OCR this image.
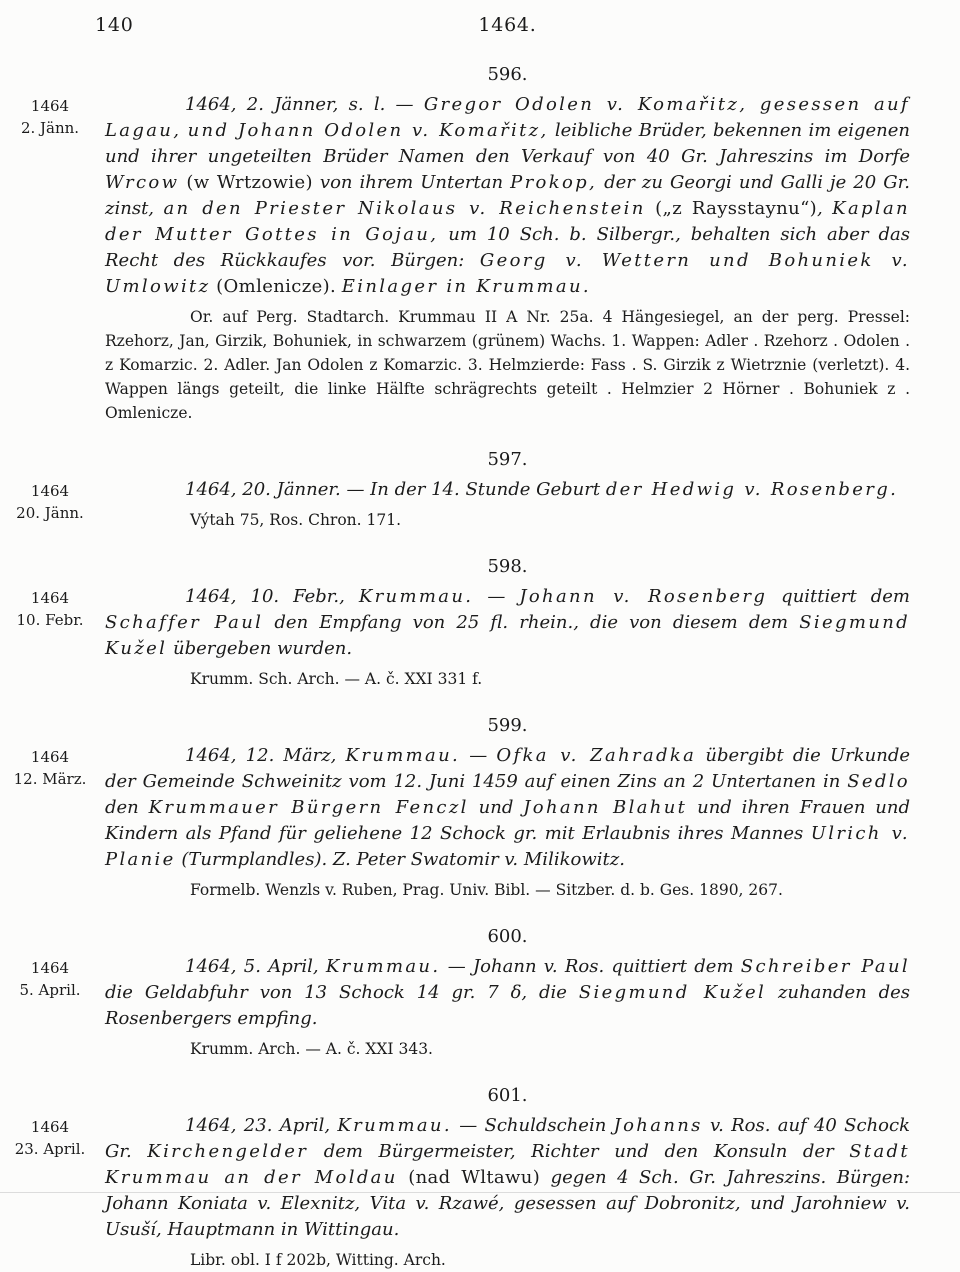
140	1464.
596.
1464
2. Jänn.

1464, 2. Jänner, s. l. — Gregor Odolen v. Komařitz, gesessen auf Lagau, und Johann Odolen v. Komařitz, leibliche Brüder, bekennen im eigenen und ihrer ungeteilten Brüder Namen den Verkauf von 40 Gr. Jahreszins im Dorfe Wrcow (w Wrtzowie) von ihrem Untertan Prokop, der zu Georgi und Galli je 20 Gr. zinst, an den Priester Nikolaus v. Reichenstein („z Raysstaynu“), Kaplan der Mutter Gottes in Gojau, um 10 Sch. b. Silbergr., behalten sich aber das Recht des Rückkaufes vor. Bürgen: Georg v. Wettern und Bohuniek v. Umlowitz (Omlenicze). Einlager in Krummau.

Or. auf Perg. Stadtarch. Krummau II A Nr. 25a. 4 Hängesiegel, an der perg. Pressel: Rzehorz, Jan, Girzik, Bohuniek, in schwarzem (grünem) Wachs. 1. Wappen: Adler . Rzehorz . Odolen . z Komarzic. 2. Adler. Jan Odolen z Komarzic. 3. Helmzierde: Fass . S. Girzik z Wietrznie (verletzt). 4. Wappen längs geteilt, die linke Hälfte schrägrechts geteilt . Helmzier 2 Hörner . Bohuniek z . Omlenicze.

597.
1464
20. Jänn.

1464, 20. Jänner. — In der 14. Stunde Geburt der Hedwig v. Rosenberg.

Výtah 75, Ros. Chron. 171.

598.
1464
10. Febr.

1464, 10. Febr., Krummau. — Johann v. Rosenberg quittiert dem Schaffer Paul den Empfang von 25 fl. rhein., die von diesem dem Siegmund Kužel übergeben wurden.

Krumm. Sch. Arch. — A. č. XXI 331 f.

599.
1464
12. März.

1464, 12. März, Krummau. — Ofka v. Zahradka übergibt die Urkunde der Gemeinde Schweinitz vom 12. Juni 1459 auf einen Zins an 2 Untertanen in Sedlo den Krummauer Bürgern Fenczl und Johann Blahut und ihren Frauen und Kindern als Pfand für geliehene 12 Schock gr. mit Erlaubnis ihres Mannes Ulrich v. Planie (Turmplandles). Z. Peter Swatomir v. Milikowitz.

Formelb. Wenzls v. Ruben, Prag. Univ. Bibl. — Sitzber. d. b. Ges. 1890, 267.

600.
1464
5. April.

1464, 5. April, Krummau. — Johann v. Ros. quittiert dem Schreiber Paul die Geldabfuhr von 13 Schock 14 gr. 7 δ, die Siegmund Kužel zuhanden des Rosenbergers empfing.

Krumm. Arch. — A. č. XXI 343.

601.
1464
23. April.

1464, 23. April, Krummau. — Schuldschein Johanns v. Ros. auf 40 Schock Gr. Kirchengelder dem Bürgermeister, Richter und den Konsuln der Stadt Krummau an der Moldau (nad Wltawu) gegen 4 Sch. Gr. Jahreszins. Bürgen: Johann Koniata v. Elexnitz, Vita v. Rzawé, gesessen auf Dobronitz, und Jarohniew v. Usuší, Hauptmann in Wittingau.

Libr. obl. I f 202b, Witting. Arch.
